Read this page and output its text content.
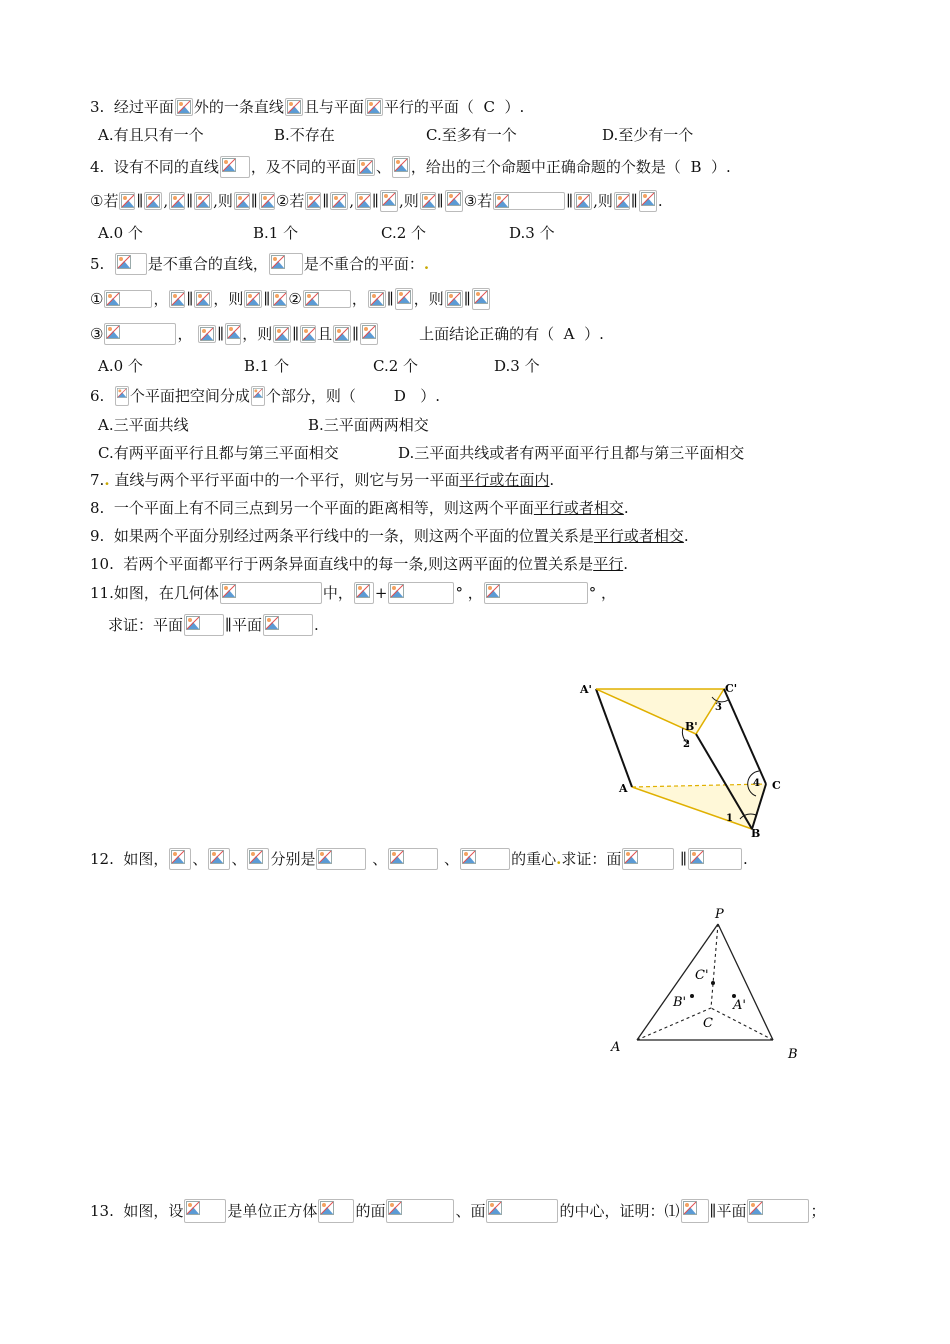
3.
经过平面 外的一条直线 且与平面 平行的平面（
C
）.
A.有且只有一个	B.不存在	C.至多有一个	D.至少有一个
4.
设有不同的直线 ，及不同的平面 、 ，给出的三个命题中正确命题的个数是（
B
）.
① 若 ∥ , ∥ , 则 ∥ ② 若 ∥ , ∥ , 则 ∥ ③ 若	∥ , 则 ∥ .
A.0 个	B.1 个	C.2 个	D.3 个
5.
	是不重合的直线， 是不重合的平面： .
①	， ∥ ， 则 ∥ ②	， ∥ ， 则 ∥
③	，
∥ ， 则 ∥ 且 ∥	上面结论正确的有（
A
）.
A.0 个	B.1 个	C.2 个	D.3 个
6.
个平面把空间分成 个部分，则（	D
）.
A.三平面共线	B.三平面两两相交
C.有两平面平行且都与第三平面相交	D.三平面共线或者有两平面平行且都与第三平面相交
7. .
直线与两个平行平面中的一个平行，则它与另一平面 平行或在面内 .
8.
一个平面上有不同三点到另一个平面的距离相等，则这两个平面 平行或者相交 .
9.
如果两个平面分别经过两条平行线中的一条，则这两个平面的位置关系是 平行或者相交 .
10.
若两个平面都平行于两条异面直线中的每一条,则这两平面的位置关系是 平行 .
11. 如图，在几何体	中， +	°
，	°
，
求证：平面	∥ 平面	.
A'	C'
B'
A
B
C
1
2
3
4
12.
如图， 、 、 分别是
	、
	、	的重心 . 求证：面
	∥	.
P
A	B
C
C'
B'	A'
13.
如图，设	是单位正方体	的面	、面	的中心，证明： ⑴ ∥ 平面	；
